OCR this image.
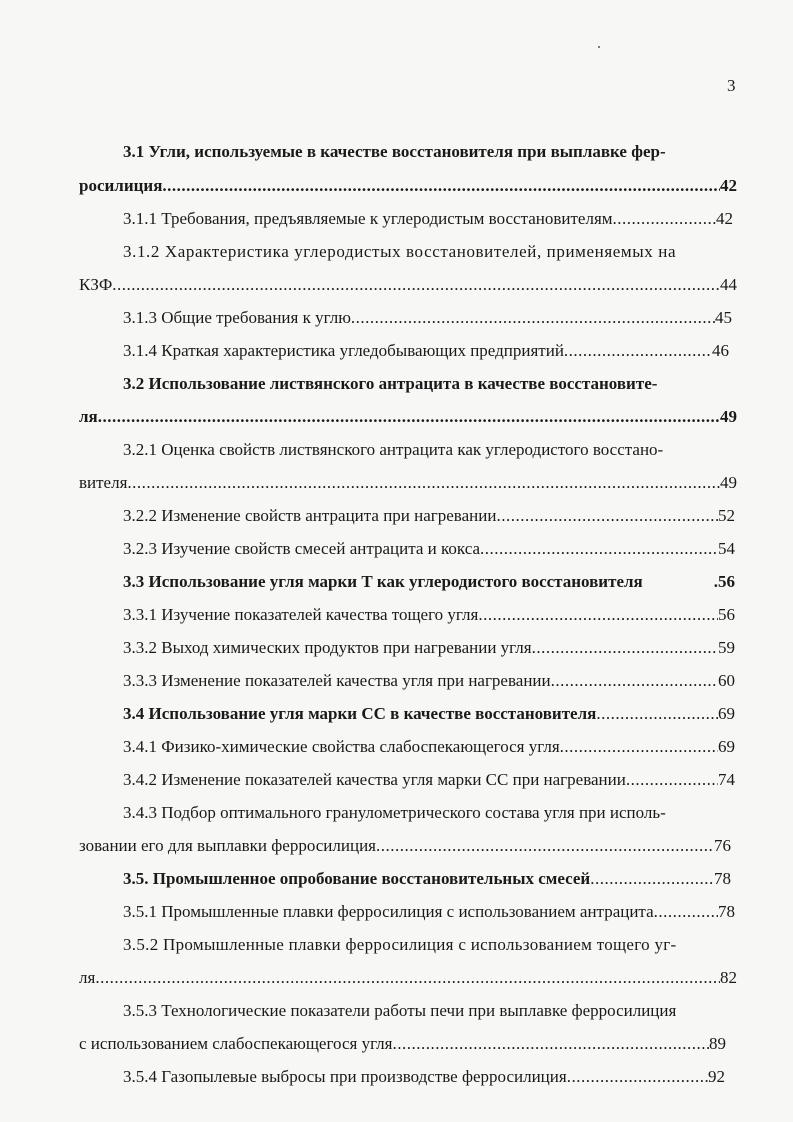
3
3.1 Угли, используемые в качестве восстановителя при выплавке фер-
росилиция .....	42
3.1.1 Требования, предъявляемые к углеродистым восстановителям .....	42
3.1.2 Характеристика углеродистых восстановителей, применяемых на
КЗФ .....	44
3.1.3 Общие требования к углю .....	45
3.1.4 Краткая характеристика угледобывающих предприятий .....	46
3.2 Использование листвянского антрацита в качестве восстановите-
ля .....	49
3.2.1 Оценка свойств листвянского антрацита как углеродистого восстано-
вителя .....	49
3.2.2 Изменение свойств антрацита при нагревании .....	52
3.2.3 Изучение свойств смесей антрацита и кокса .....	54
3.3 Использование угля марки Т как углеродистого восстановителя	.56
3.3.1 Изучение показателей качества тощего угля .....	56
3.3.2 Выход химических продуктов при нагревании угля .....	59
3.3.3 Изменение показателей качества угля при нагревании .....	60
3.4 Использование угля марки СС в качестве восстановителя .....	69
3.4.1 Физико-химические свойства слабоспекающегося угля .....	69
3.4.2 Изменение показателей качества угля марки СС при нагревании .....	74
3.4.3 Подбор оптимального гранулометрического состава угля при исполь-
зовании его для выплавки ферросилиция .....	76
3.5. Промышленное опробование восстановительных смесей .....	78
3.5.1 Промышленные плавки ферросилиция с использованием антрацита .....	78
3.5.2 Промышленные плавки ферросилиция с использованием тощего уг-
ля .....	82
3.5.3 Технологические показатели работы печи при выплавке ферросилиция
с использованием слабоспекающегося угля .....	89
3.5.4 Газопылевые выбросы при производстве ферросилиция .....	92
